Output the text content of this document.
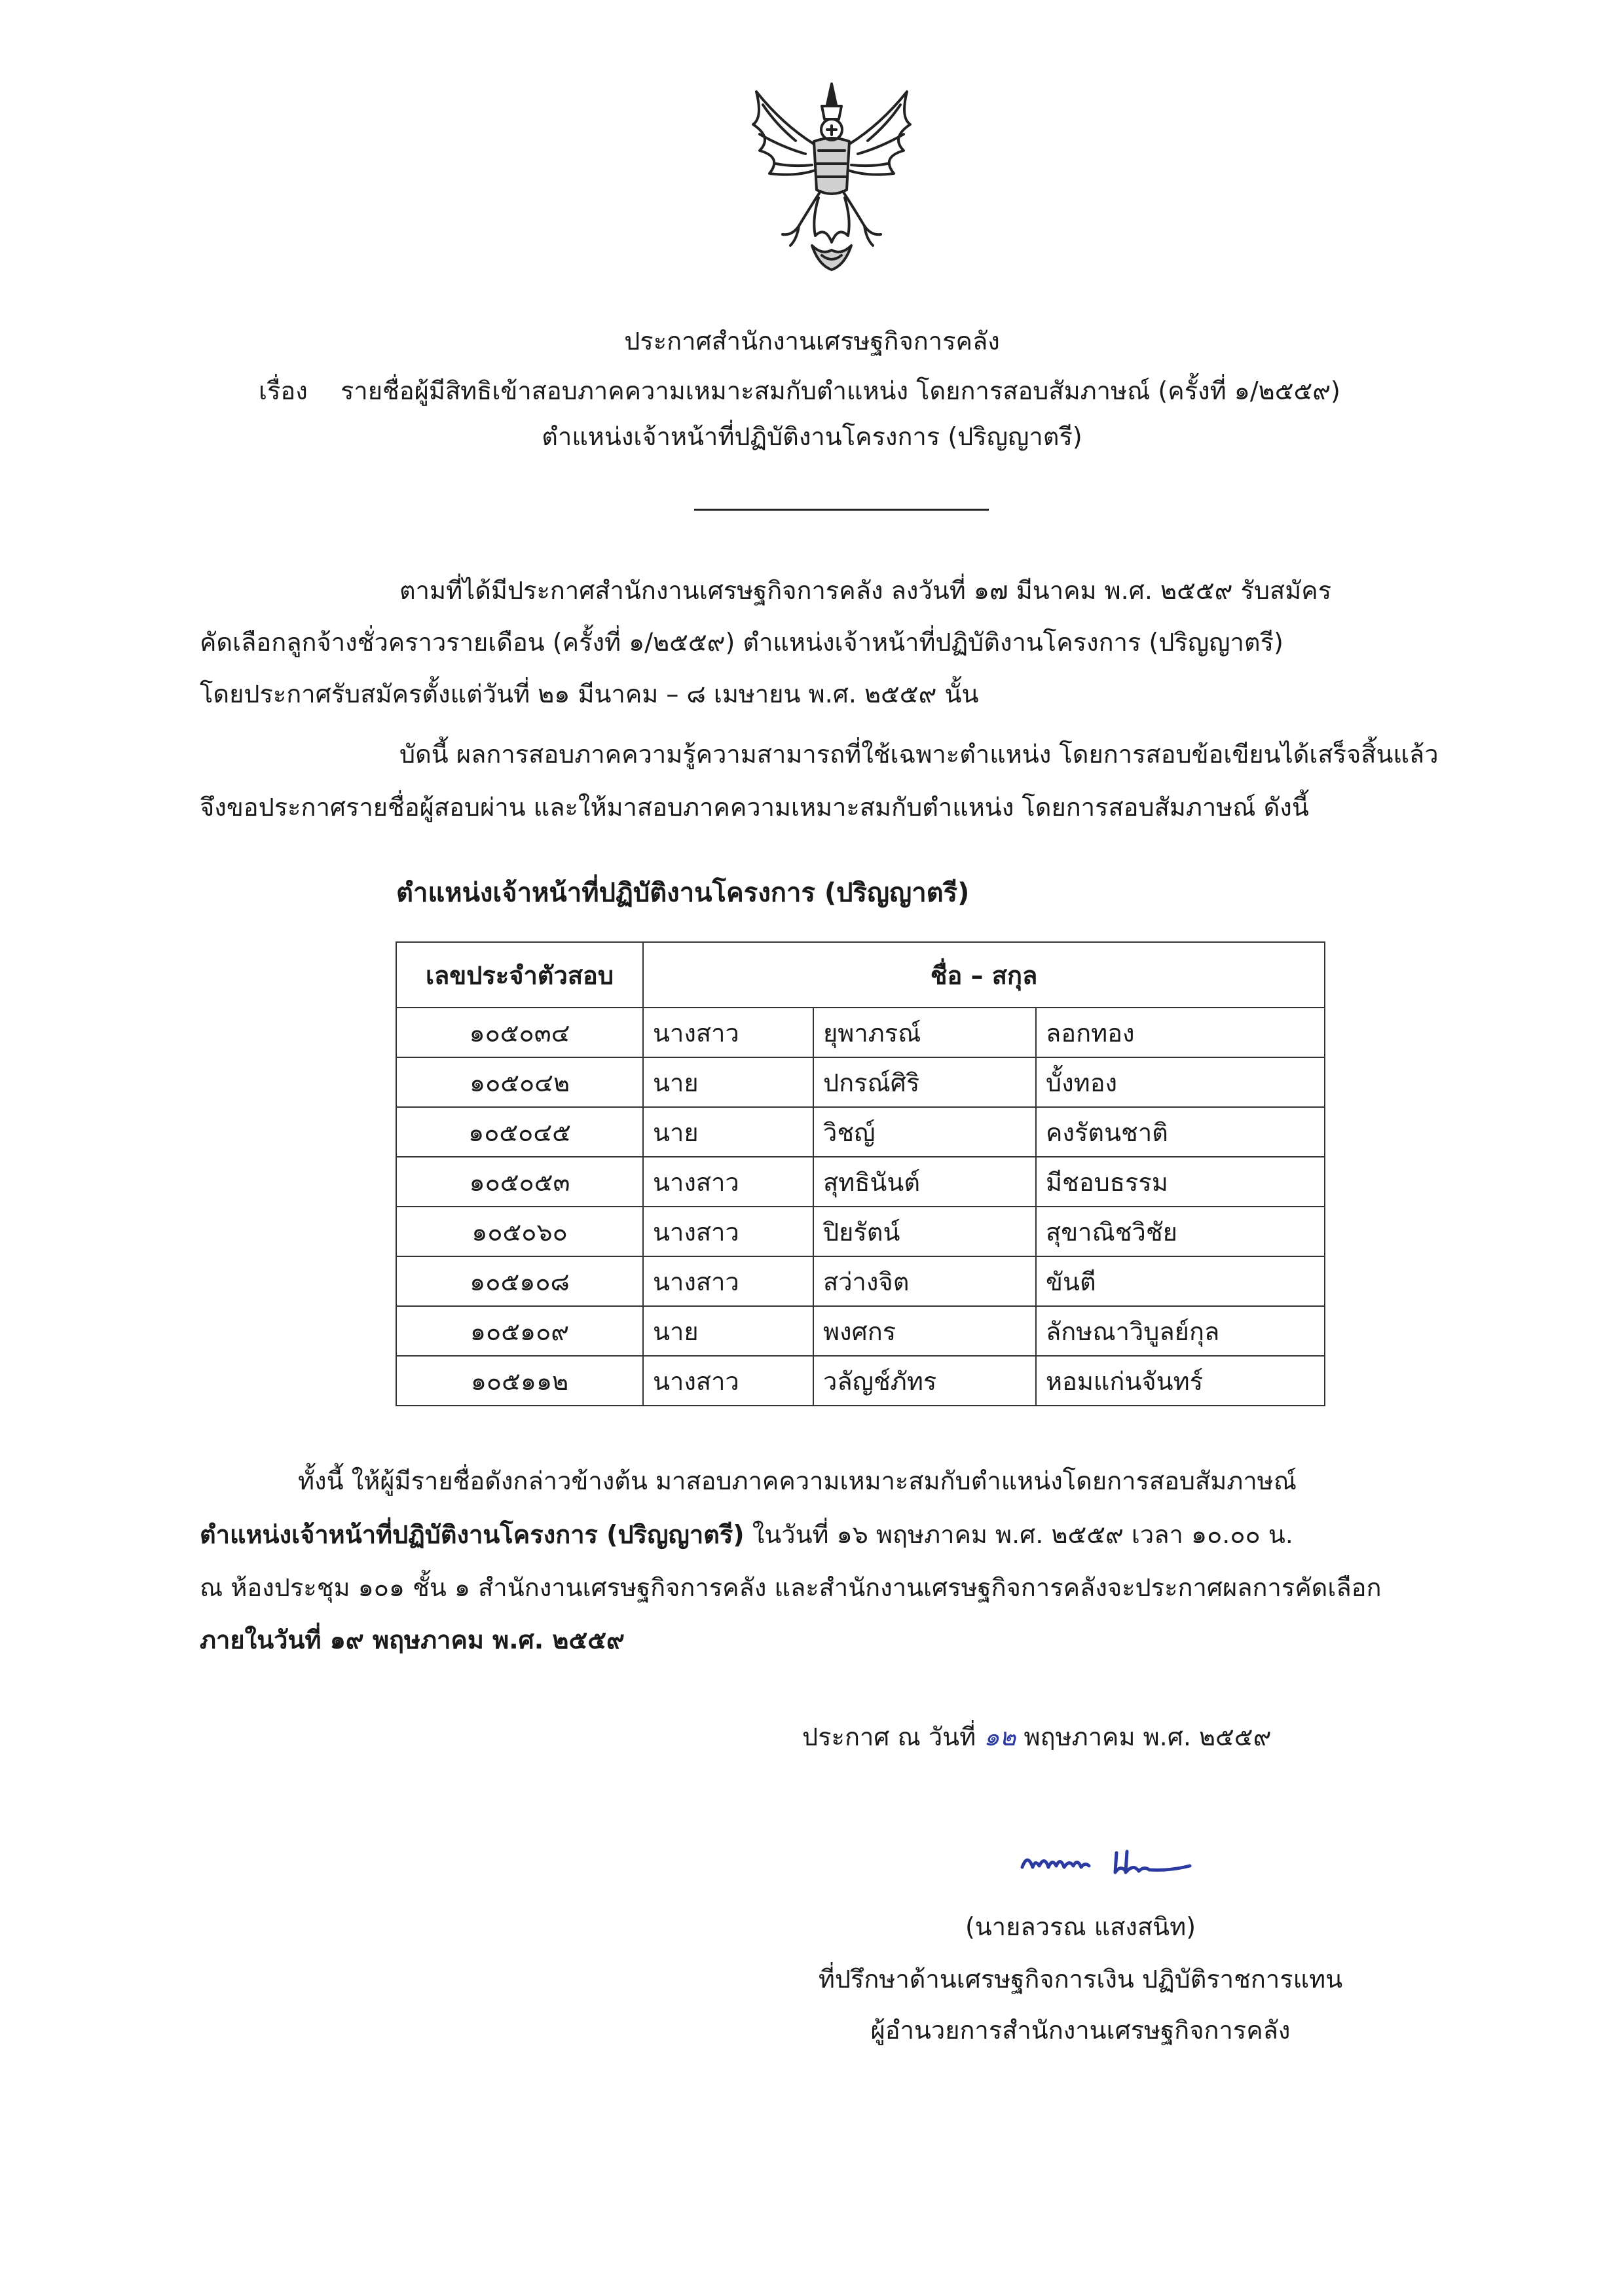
ประกาศสำนักงานเศรษฐกิจการคลัง
เรื่อง รายชื่อผู้มีสิทธิเข้าสอบภาคความเหมาะสมกับตำแหน่ง โดยการสอบสัมภาษณ์ (ครั้งที่ ๑/๒๕๕๙)
ตำแหน่งเจ้าหน้าที่ปฏิบัติงานโครงการ (ปริญญาตรี)
ตามที่ได้มีประกาศสำนักงานเศรษฐกิจการคลัง ลงวันที่ ๑๗ มีนาคม พ.ศ. ๒๕๕๙ รับสมัคร
คัดเลือกลูกจ้างชั่วคราวรายเดือน (ครั้งที่ ๑/๒๕๕๙) ตำแหน่งเจ้าหน้าที่ปฏิบัติงานโครงการ (ปริญญาตรี)
โดยประกาศรับสมัครตั้งแต่วันที่ ๒๑ มีนาคม – ๘ เมษายน พ.ศ. ๒๕๕๙ นั้น
บัดนี้ ผลการสอบภาคความรู้ความสามารถที่ใช้เฉพาะตำแหน่ง โดยการสอบข้อเขียนได้เสร็จสิ้นแล้ว
จึงขอประกาศรายชื่อผู้สอบผ่าน และให้มาสอบภาคความเหมาะสมกับตำแหน่ง โดยการสอบสัมภาษณ์ ดังนี้
ตำแหน่งเจ้าหน้าที่ปฏิบัติงานโครงการ (ปริญญาตรี)
เลขประจำตัวสอบ	ชื่อ – สกุล		
๑๐๕๐๓๔	นางสาว	ยุพาภรณ์	ลอกทอง
๑๐๕๐๔๒	นาย	ปกรณ์ศิริ	บั้งทอง
๑๐๕๐๔๕	นาย	วิชญ์	คงรัตนชาติ
๑๐๕๐๕๓	นางสาว	สุทธินันต์	มีชอบธรรม
๑๐๕๐๖๐	นางสาว	ปิยรัตน์	สุขาณิชวิชัย
๑๐๕๑๐๘	นางสาว	สว่างจิต	ขันตี
๑๐๕๑๐๙	นาย	พงศกร	ลักษณาวิบูลย์กุล
๑๐๕๑๑๒	นางสาว	วลัญช์ภัทร	หอมแก่นจันทร์
ทั้งนี้ ให้ผู้มีรายชื่อดังกล่าวข้างต้น มาสอบภาคความเหมาะสมกับตำแหน่งโดยการสอบสัมภาษณ์
ตำแหน่งเจ้าหน้าที่ปฏิบัติงานโครงการ (ปริญญาตรี) ในวันที่ ๑๖ พฤษภาคม พ.ศ. ๒๕๕๙ เวลา ๑๐.๐๐ น.
ณ ห้องประชุม ๑๐๑ ชั้น ๑ สำนักงานเศรษฐกิจการคลัง และสำนักงานเศรษฐกิจการคลังจะประกาศผลการคัดเลือก
ภายในวันที่ ๑๙ พฤษภาคม พ.ศ. ๒๕๕๙
ประกาศ ณ วันที่ ๑๒ พฤษภาคม พ.ศ. ๒๕๕๙
(นายลวรณ แสงสนิท)
ที่ปรึกษาด้านเศรษฐกิจการเงิน ปฏิบัติราชการแทน
ผู้อำนวยการสำนักงานเศรษฐกิจการคลัง
